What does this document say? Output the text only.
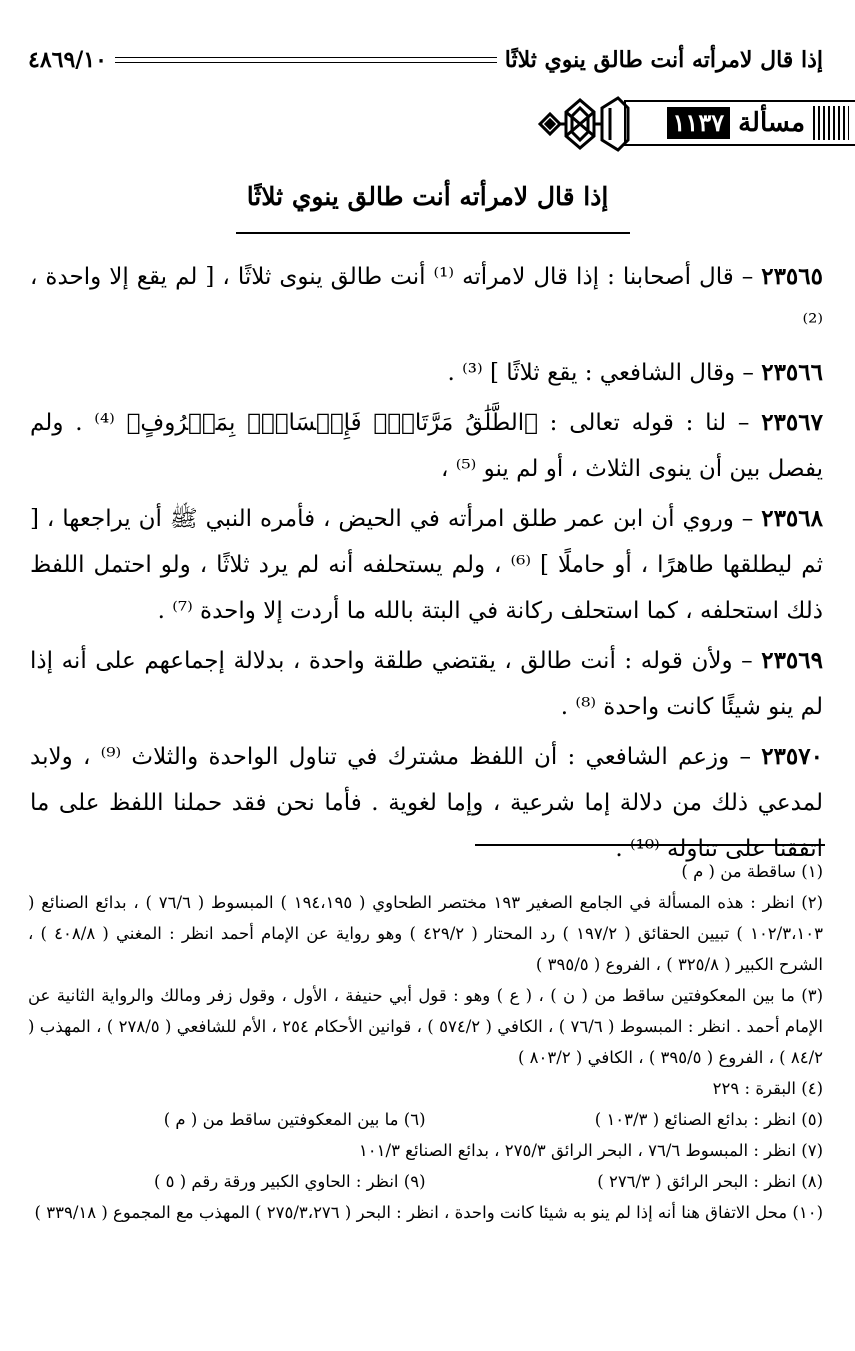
إذا قال لامرأته أنت طالق ينوي ثلاثًا
٤٨٦٩/١٠
مسألة
١١٣٧
إذا قال لامرأته أنت طالق ينوي ثلاثًا

٢٣٥٦٥ – قال أصحابنا : إذا قال لامرأته ⁽¹⁾ أنت طالق ينوى ثلاثًا ، [ لم يقع إلا واحدة ، ⁽²⁾

٢٣٥٦٦ – وقال الشافعي : يقع ثلاثًا ] ⁽³⁾ .

٢٣٥٦٧ – لنا : قوله تعالى : ﴿الطَّلَٰقُ مَرَّتَانِۖ فَإِمۡسَاكُۢ بِمَعۡرُوفٍ﴾ ⁽⁴⁾ . ولم يفصل بين أن ينوى الثلاث ، أو لم ينو ⁽⁵⁾ ،

٢٣٥٦٨ – وروي أن ابن عمر طلق امرأته في الحيض ، فأمره النبي ﷺ أن يراجعها ، [ ثم ليطلقها طاهرًا ، أو حاملًا ] ⁽⁶⁾ ، ولم يستحلفه أنه لم يرد ثلاثًا ، ولو احتمل اللفظ ذلك استحلفه ، كما استحلف ركانة في البتة بالله ما أردت إلا واحدة ⁽⁷⁾ .

٢٣٥٦٩ – ولأن قوله : أنت طالق ، يقتضي طلقة واحدة ، بدلالة إجماعهم على أنه إذا لم ينو شيئًا كانت واحدة ⁽⁸⁾ .

٢٣٥٧٠ – وزعم الشافعي : أن اللفظ مشترك في تناول الواحدة والثلاث ⁽⁹⁾ ، ولابد لمدعي ذلك من دلالة إما شرعية ، وإما لغوية . فأما نحن فقد حملنا اللفظ على ما اتفقنا على تناوله ⁽¹⁰⁾ .

(١) ساقطة من ( م )

(٢) انظر : هذه المسألة في الجامع الصغير ١٩٣ مختصر الطحاوي ( ١٩٤،١٩٥ ) المبسوط ( ٧٦/٦ ) ، بدائع الصنائع ( ١٠٢/٣،١٠٣ ) تبيين الحقائق ( ١٩٧/٢ ) رد المحتار ( ٤٢٩/٢ ) وهو رواية عن الإمام أحمد انظر : المغني ( ٤٠٨/٨ ) ، الشرح الكبير ( ٣٢٥/٨ ) ، الفروع ( ٣٩٥/٥ )

(٣) ما بين المعكوفتين ساقط من ( ن ) ، ( ع ) وهو : قول أبي حنيفة ، الأول ، وقول زفر ومالك والرواية الثانية عن الإمام أحمد . انظر : المبسوط ( ٧٦/٦ ) ، الكافي ( ٥٧٤/٢ ) ، قوانين الأحكام ٢٥٤ ، الأم للشافعي ( ٢٧٨/٥ ) ، المهذب ( ٨٤/٢ ) ، الفروع ( ٣٩٥/٥ ) ، الكافي ( ٨٠٣/٢ )

(٤) البقرة : ٢٢٩

(٥) انظر : بدائع الصنائع ( ١٠٣/٣ )

(٦) ما بين المعكوفتين ساقط من ( م )

(٧) انظر : المبسوط ٧٦/٦ ، البحر الرائق ٢٧٥/٣ ، بدائع الصنائع ١٠١/٣

(٨) انظر : البحر الرائق ( ٢٧٦/٣ )

(٩) انظر : الحاوي الكبير ورقة رقم ( ٥ )

(١٠) محل الاتفاق هنا أنه إذا لم ينو به شيئا كانت واحدة ، انظر : البحر ( ٢٧٥/٣،٢٧٦ ) المهذب مع المجموع ( ٣٣٩/١٨ )
